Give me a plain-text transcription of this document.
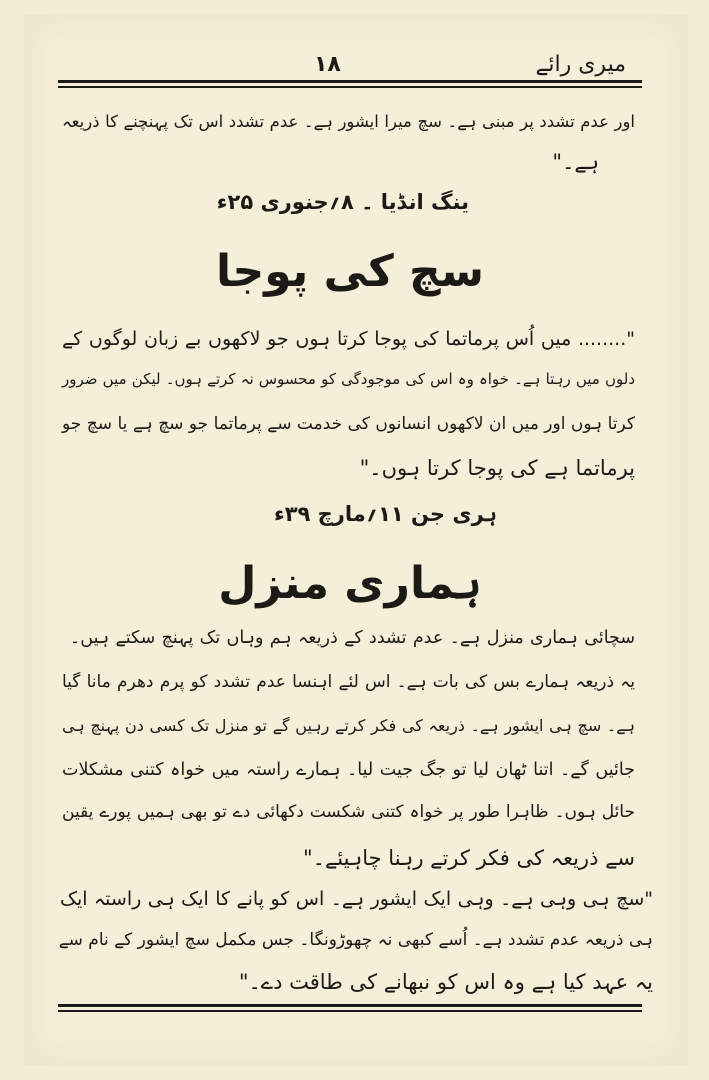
میری رائے
۱۸
اور عدم تشدد پر مبنی ہے۔ سچ میرا ایشور ہے۔ عدم تشدد اس تک پہنچنے کا ذریعہ
ہے۔"
ینگ انڈیا ۔ ۸؍جنوری ۲۵ء
سچ کی پوجا
"........ میں اُس پرماتما کی پوجا کرتا ہوں جو لاکھوں بے زبان لوگوں کے
دلوں میں رہتا ہے۔ خواہ وہ اس کی موجودگی کو محسوس نہ کرتے ہوں۔ لیکن میں ضرور
کرتا ہوں اور میں ان لاکھوں انسانوں کی خدمت سے پرماتما جو سچ ہے یا سچ جو
پرماتما ہے کی پوجا کرتا ہوں۔"
ہری جن ۱۱؍مارچ ۳۹ء
ہماری منزل
سچائی ہماری منزل ہے۔ عدم تشدد کے ذریعہ ہم وہاں تک پہنچ سکتے ہیں۔
یہ ذریعہ ہمارے بس کی بات ہے۔ اس لئے اہنسا عدم تشدد کو پرم دھرم مانا گیا
ہے۔ سچ ہی ایشور ہے۔ ذریعہ کی فکر کرتے رہیں گے تو منزل تک کسی دن پہنچ ہی
جائیں گے۔ اتنا ٹھان لیا تو جگ جیت لیا۔ ہمارے راستہ میں خواہ کتنی مشکلات
حائل ہوں۔ ظاہرا طور پر خواہ کتنی شکست دکھائی دے تو بھی ہمیں پورے یقین
سے ذریعہ کی فکر کرتے رہنا چاہیئے۔"
"سچ ہی وہی ہے۔ وہی ایک ایشور ہے۔ اس کو پانے کا ایک ہی راستہ ایک
ہی ذریعہ عدم تشدد ہے۔ اُسے کبھی نہ چھوڑونگا۔ جس مکمل سچ ایشور کے نام سے
یہ عہد کیا ہے وہ اس کو نبھانے کی طاقت دے۔"
